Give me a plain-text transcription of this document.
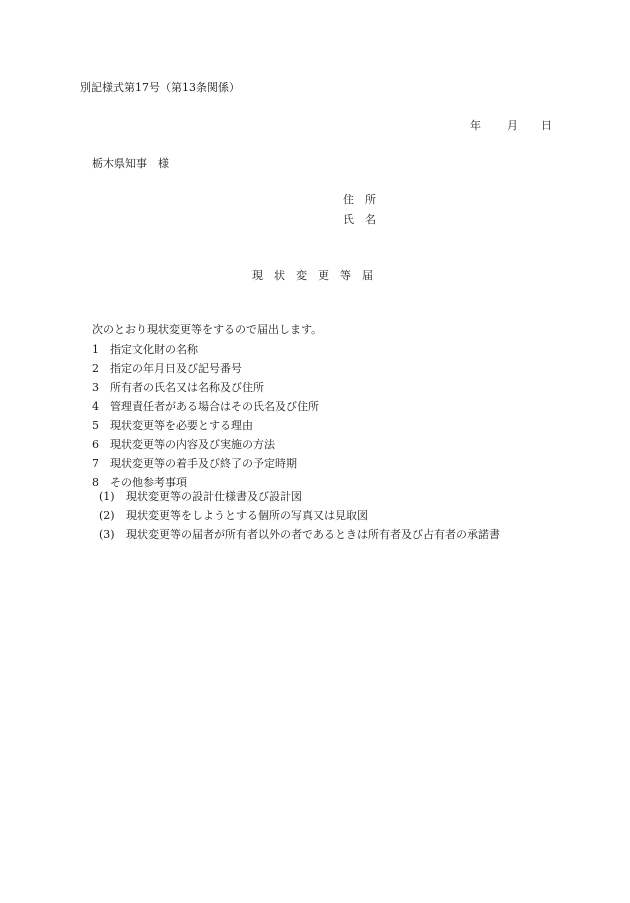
別記様式第17号（第13条関係）
年 月 日
栃木県知事　様
住　所
氏　名
現　状　変　更　等　届
次のとおり現状変更等をするので届出します。
1	指定文化財の名称
2	指定の年月日及び記号番号
3	所有者の氏名又は名称及び住所
4	管理責任者がある場合はその氏名及び住所
5	現状変更等を必要とする理由
6	現状変更等の内容及び実施の方法
7	現状変更等の着手及び終了の予定時期
8	その他参考事項
(1)	現状変更等の設計仕様書及び設計図
(2)	現状変更等をしようとする個所の写真又は見取図
(3)	現状変更等の届者が所有者以外の者であるときは所有者及び占有者の承諾書
